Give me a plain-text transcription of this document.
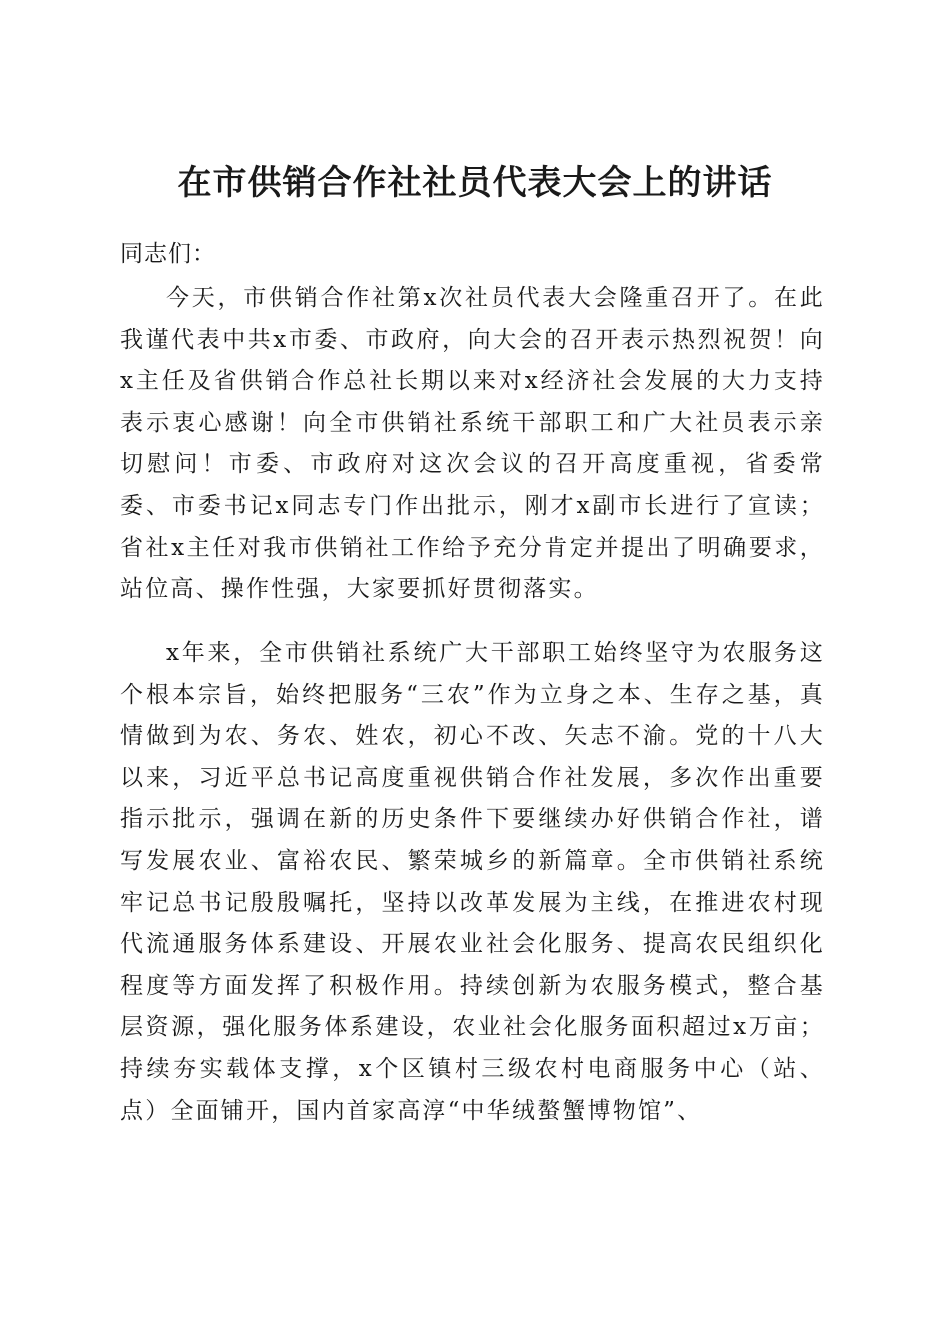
在市供销合作社社员代表大会上的讲话
同志们：

今天，市供销合作社第x次社员代表大会隆重召开了。在此我谨代表中共x市委、市政府，向大会的召开表示热烈祝贺！向x主任及省供销合作总社长期以来对x经济社会发展的大力支持表示衷心感谢！向全市供销社系统干部职工和广大社员表示亲切慰问！市委、市政府对这次会议的召开高度重视，省委常委、市委书记x同志专门作出批示，刚才x副市长进行了宣读；省社x主任对我市供销社工作给予充分肯定并提出了明确要求，站位高、操作性强，大家要抓好贯彻落实。

x年来，全市供销社系统广大干部职工始终坚守为农服务这个根本宗旨，始终把服务“三农”作为立身之本、生存之基，真情做到为农、务农、姓农，初心不改、矢志不渝。党的十八大以来，习近平总书记高度重视供销合作社发展，多次作出重要指示批示，强调在新的历史条件下要继续办好供销合作社，谱写发展农业、富裕农民、繁荣城乡的新篇章。全市供销社系统牢记总书记殷殷嘱托，坚持以改革发展为主线，在推进农村现代流通服务体系建设、开展农业社会化服务、提高农民组织化程度等方面发挥了积极作用。持续创新为农服务模式，整合基层资源，强化服务体系建设，农业社会化服务面积超过x万亩；持续夯实载体支撑，x个区镇村三级农村电商服务中心（站、点）全面铺开，国内首家高淳“中华绒螯蟹博物馆”、
